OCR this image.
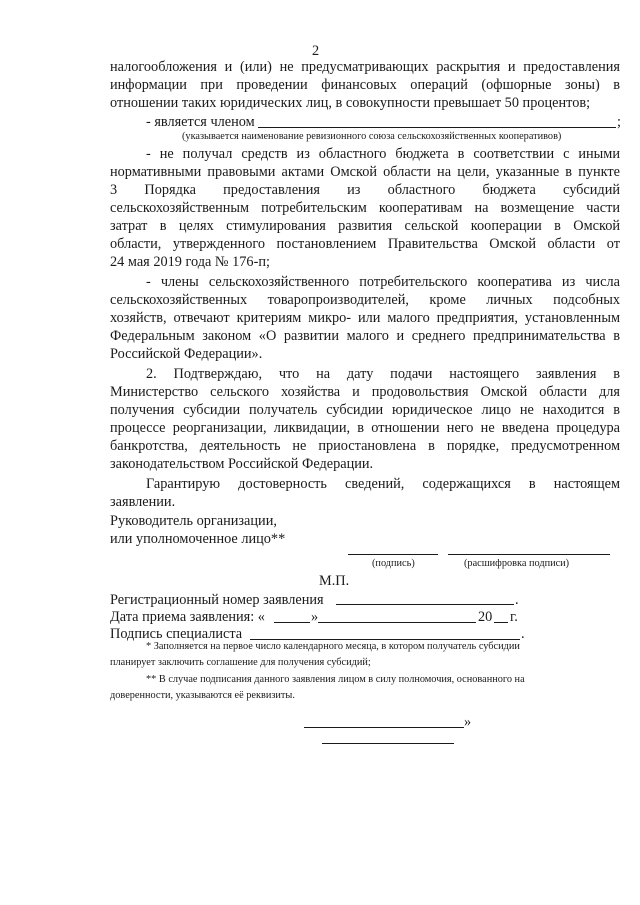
2
налогообложения и (или) не предусматривающих раскрытия и предоставления
информации при проведении финансовых операций (офшорные зоны) в
отношении таких юридических лиц, в совокупности превышает 50 процентов;
- является членом	;
(указывается наименование ревизионного союза сельскохозяйственных кооперативов)
- не получал средств из областного бюджета в соответствии с иными
нормативными правовыми актами Омской области на цели, указанные в пункте
3 Порядка предоставления из областного бюджета субсидий
сельскохозяйственным потребительским кооперативам на возмещение части
затрат в целях стимулирования развития сельской кооперации в Омской
области, утвержденного постановлением Правительства Омской области от
24 мая 2019 года № 176-п;
- члены сельскохозяйственного потребительского кооператива из числа
сельскохозяйственных товаропроизводителей, кроме личных подсобных
хозяйств, отвечают критериям микро- или малого предприятия, установленным
Федеральным законом «О развитии малого и среднего предпринимательства в
Российской Федерации».
2. Подтверждаю, что на дату подачи настоящего заявления в
Министерство сельского хозяйства и продовольствия Омской области для
получения субсидии получатель субсидии юридическое лицо не находится в
процессе реорганизации, ликвидации, в отношении него не введена процедура
банкротства, деятельность не приостановлена в порядке, предусмотренном
законодательством Российской Федерации.
Гарантирую достоверность сведений, содержащихся в настоящем
заявлении.
Руководитель организации,
или уполномоченное лицо**
(подпись)	(расшифровка подписи)
М.П.
Регистрационный номер заявления	.
Дата приема заявления: «	»	20 г.
Подпись специалиста	.
* Заполняется на первое число календарного месяца, в котором получатель субсидии
планирует заключить соглашение для получения субсидий;
** В случае подписания данного заявления лицом в силу полномочия, основанного на
доверенности, указываются её реквизиты.
»
